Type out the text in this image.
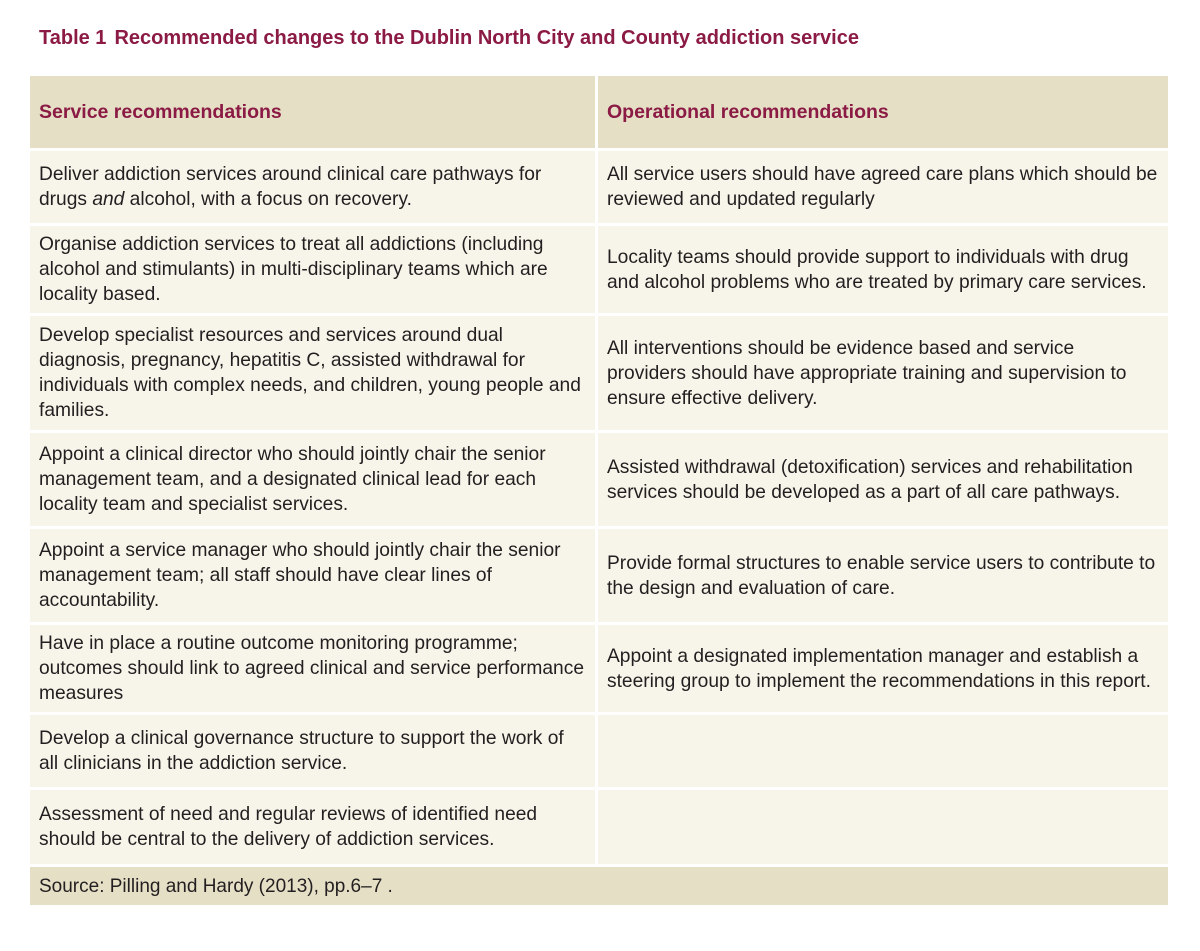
Table 1 Recommended changes to the Dublin North City and County addiction service
Service recommendations	Operational recommendations
Deliver addiction services around clinical care pathways for
drugs and alcohol, with a focus on recovery.
All service users should have agreed care plans which should be reviewed and updated regularly
Organise addiction services to treat all addictions (including alcohol and stimulants) in multi-disciplinary teams which are locality based.
Locality teams should provide support to individuals with drug and alcohol problems who are treated by primary care services.
Develop specialist resources and services around dual diagnosis, pregnancy, hepatitis C, assisted withdrawal for individuals with complex needs, and children, young people and families.
All interventions should be evidence based and service providers should have appropriate training and supervision to ensure effective delivery.
Appoint a clinical director who should jointly chair the senior management team, and a designated clinical lead for each locality team and specialist services.
Assisted withdrawal (detoxification) services and rehabilitation services should be developed as a part of all care pathways.
Appoint a service manager who should jointly chair the senior management team; all staff should have clear lines of accountability.
Provide formal structures to enable service users to contribute to the design and evaluation of care.
Have in place a routine outcome monitoring programme; outcomes should link to agreed clinical and service performance measures
Appoint a designated implementation manager and establish a steering group to implement the recommendations in this report.
Develop a clinical governance structure to support the work of all clinicians in the addiction service.
Assessment of need and regular reviews of identified need should be central to the delivery of addiction services.
Source: Pilling and Hardy (2013), pp.6–7 .
